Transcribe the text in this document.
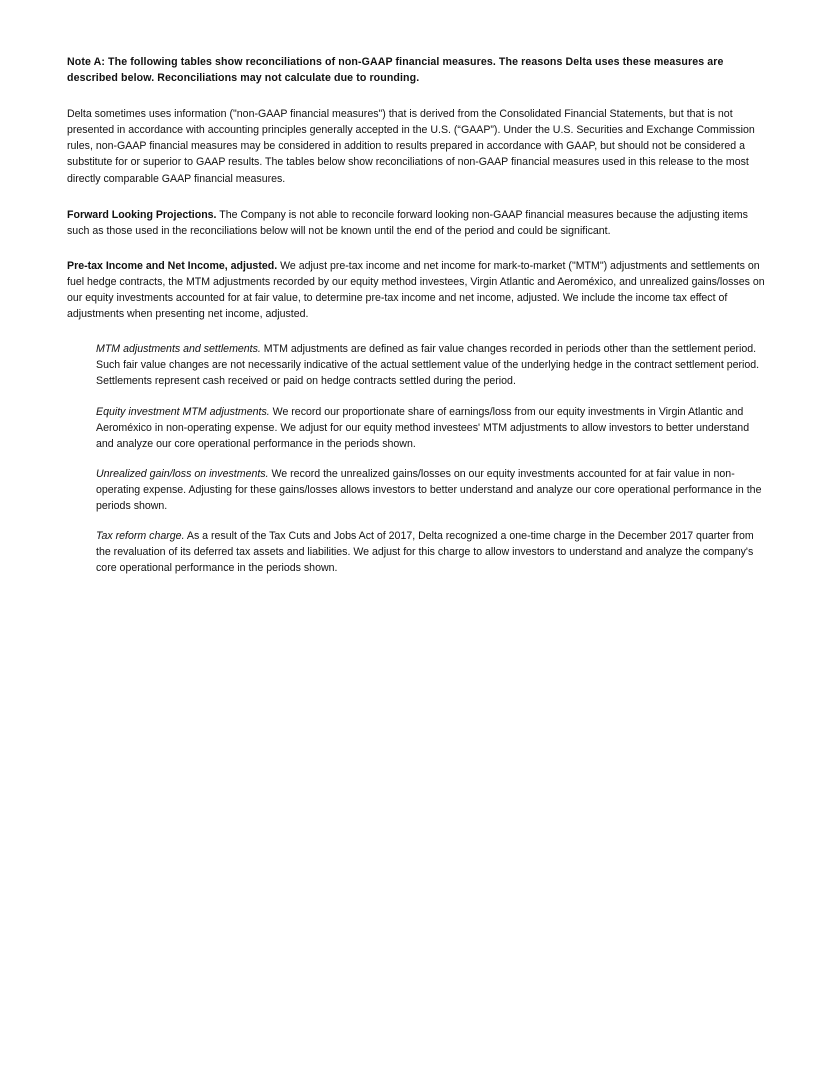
Note A: The following tables show reconciliations of non-GAAP financial measures. The reasons Delta uses these measures are described below. Reconciliations may not calculate due to rounding.

Delta sometimes uses information ("non-GAAP financial measures") that is derived from the Consolidated Financial Statements, but that is not presented in accordance with accounting principles generally accepted in the U.S. (“GAAP”). Under the U.S. Securities and Exchange Commission rules, non-GAAP financial measures may be considered in addition to results prepared in accordance with GAAP, but should not be considered a substitute for or superior to GAAP results. The tables below show reconciliations of non-GAAP financial measures used in this release to the most directly comparable GAAP financial measures.

Forward Looking Projections. The Company is not able to reconcile forward looking non-GAAP financial measures because the adjusting items such as those used in the reconciliations below will not be known until the end of the period and could be significant.

Pre-tax Income and Net Income, adjusted. We adjust pre-tax income and net income for mark-to-market ("MTM") adjustments and settlements on fuel hedge contracts, the MTM adjustments recorded by our equity method investees, Virgin Atlantic and Aeroméxico, and unrealized gains/losses on our equity investments accounted for at fair value, to determine pre-tax income and net income, adjusted. We include the income tax effect of adjustments when presenting net income, adjusted.

MTM adjustments and settlements. MTM adjustments are defined as fair value changes recorded in periods other than the settlement period. Such fair value changes are not necessarily indicative of the actual settlement value of the underlying hedge in the contract settlement period. Settlements represent cash received or paid on hedge contracts settled during the period.

Equity investment MTM adjustments. We record our proportionate share of earnings/loss from our equity investments in Virgin Atlantic and Aeroméxico in non-operating expense. We adjust for our equity method investees' MTM adjustments to allow investors to better understand and analyze our core operational performance in the periods shown.

Unrealized gain/loss on investments. We record the unrealized gains/losses on our equity investments accounted for at fair value in non-operating expense. Adjusting for these gains/losses allows investors to better understand and analyze our core operational performance in the periods shown.

Tax reform charge. As a result of the Tax Cuts and Jobs Act of 2017, Delta recognized a one-time charge in the December 2017 quarter from the revaluation of its deferred tax assets and liabilities. We adjust for this charge to allow investors to understand and analyze the company's core operational performance in the periods shown.
